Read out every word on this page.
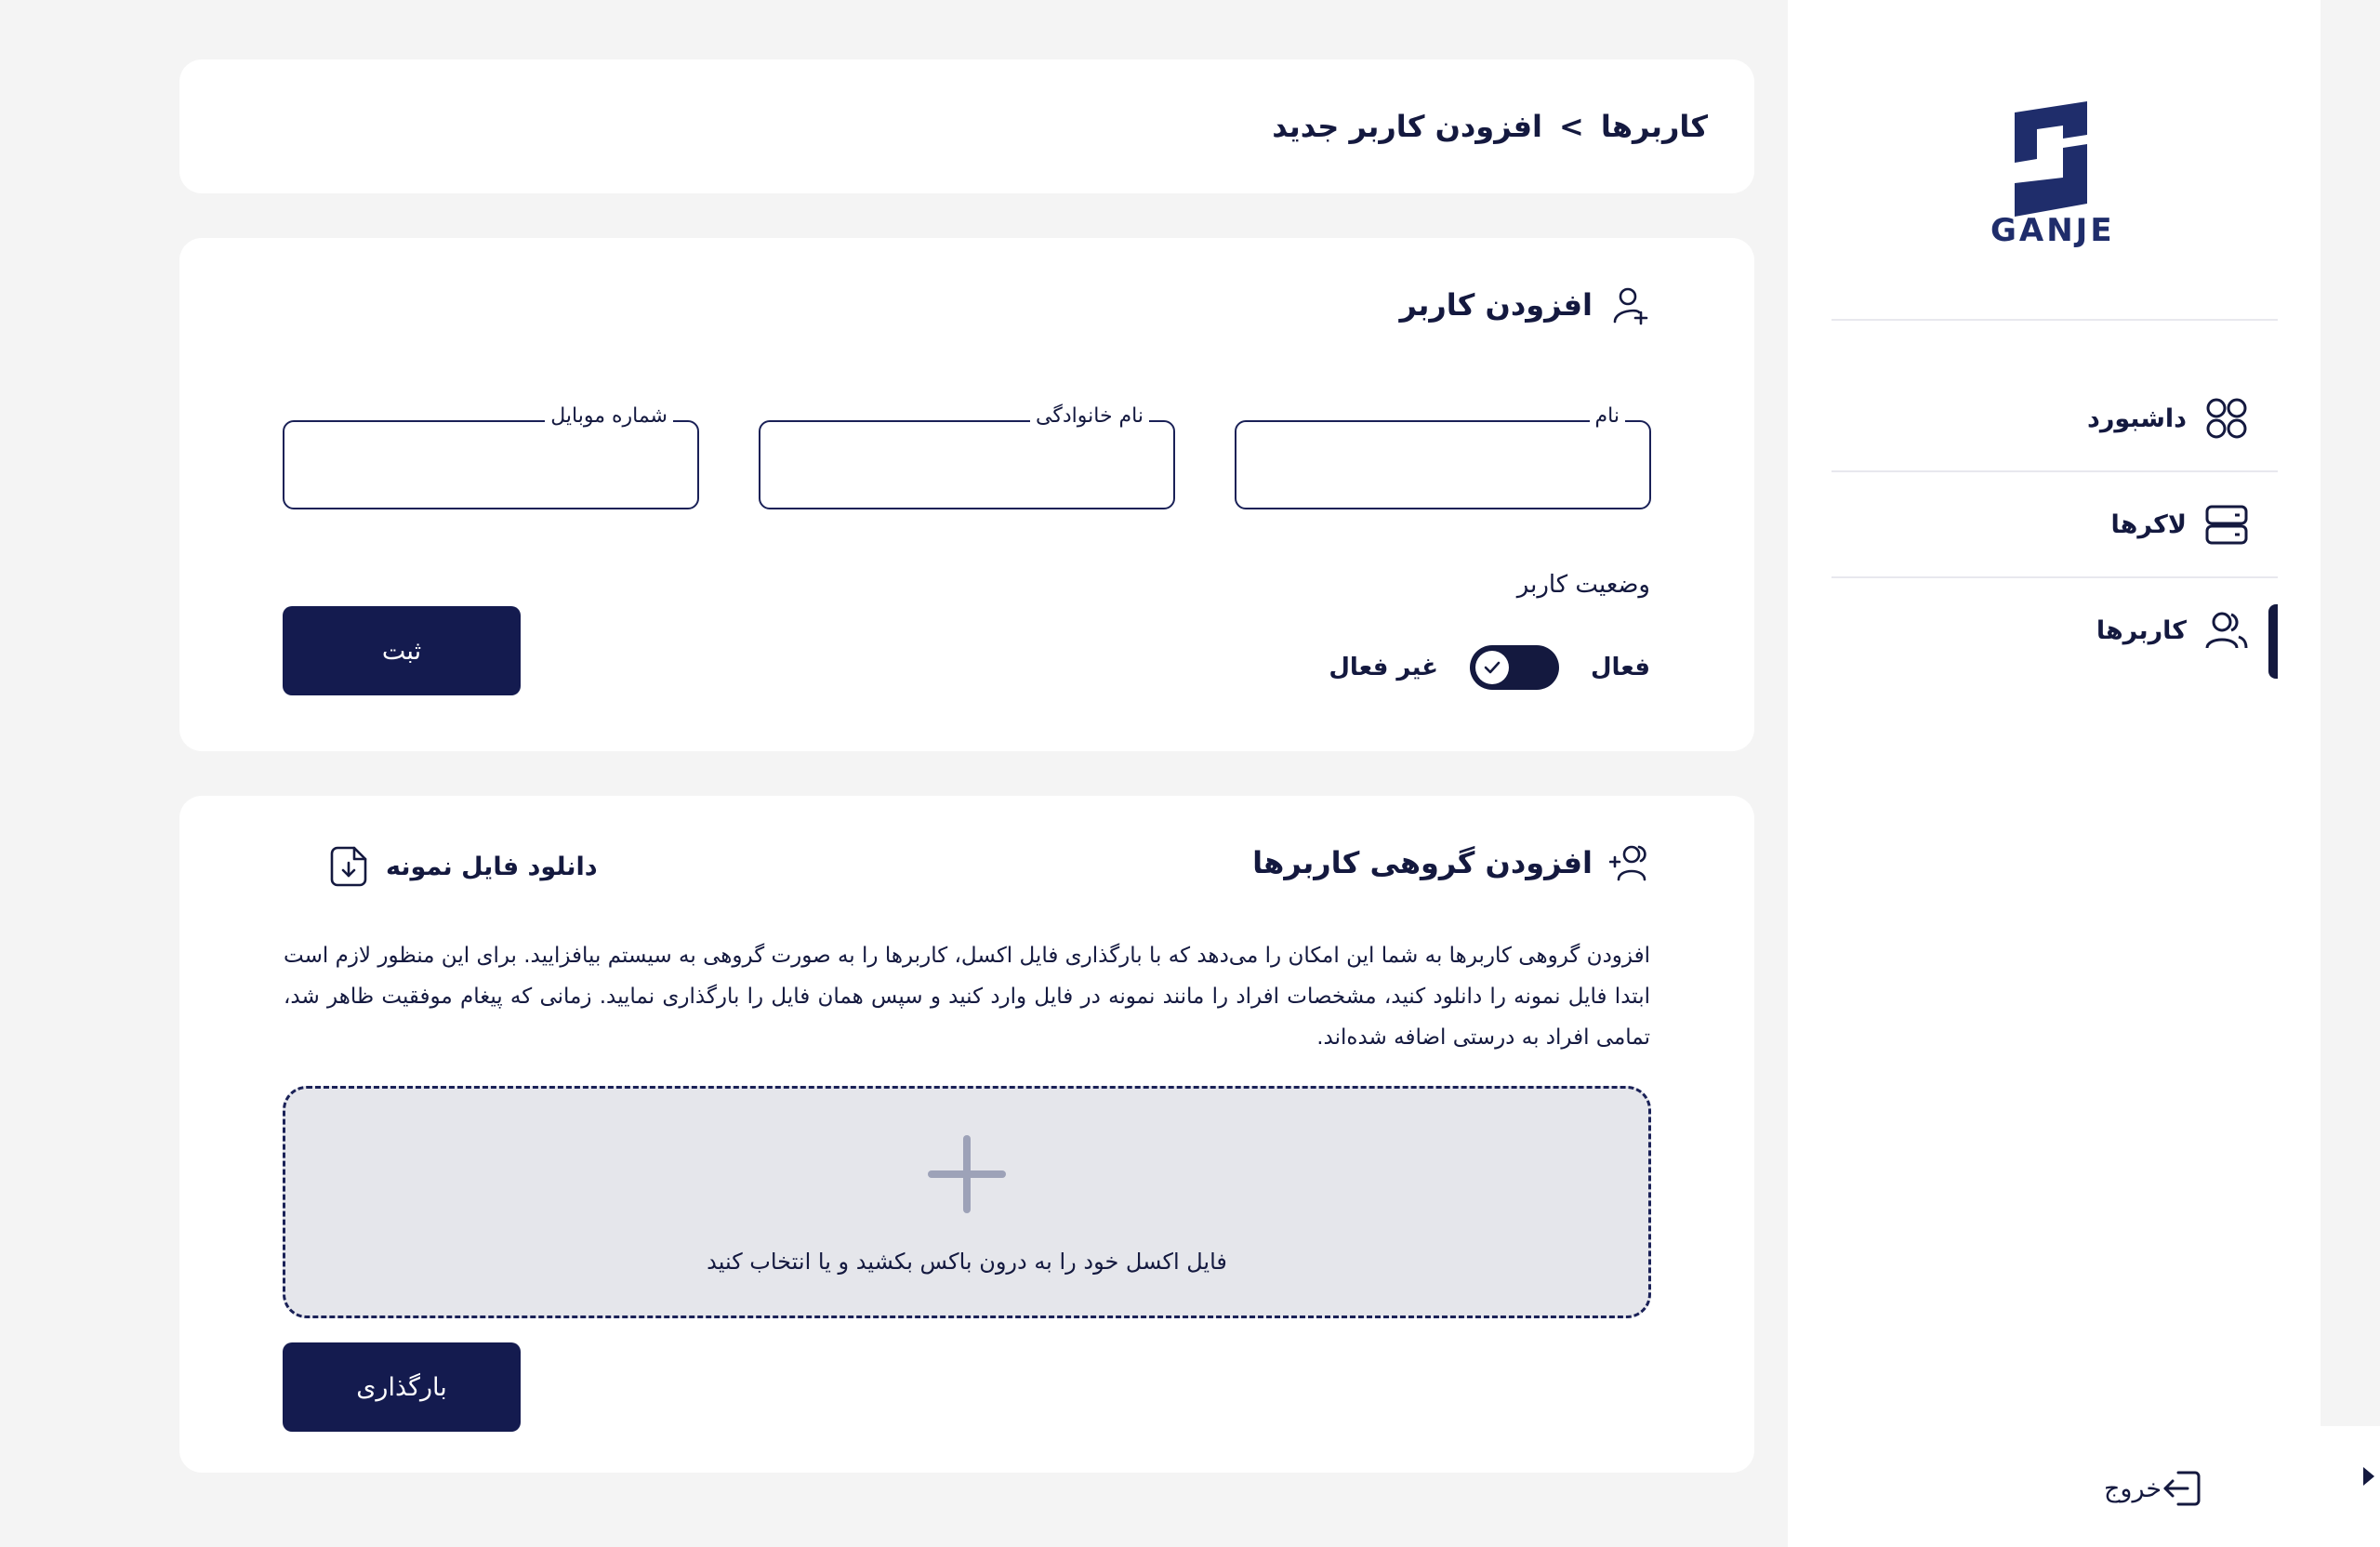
GANJE
داشبورد
لاکرها
کاربرها
خروج
کاربرها
>
افزودن کاربر جدید
افزودن کاربر
نام
نام خانوادگی
شماره موبایل
وضعیت کاربر
فعال
غیر فعال
ثبت
افزودن گروهی کاربرها
دانلود فایل نمونه

افزودن گروهی کاربرها به شما این امکان را می‌دهد که با بارگذاری فایل اکسل، کاربرها را به صورت گروهی به سیستم بیافزایید. برای این منظور لازم است ابتدا فایل نمونه را دانلود کنید، مشخصات افراد را مانند نمونه در فایل وارد کنید و سپس همان فایل را بارگذاری نمایید. زمانی که پیغام موفقیت ظاهر شد، تمامی افراد به درستی اضافه شده‌اند.

فایل اکسل خود را به درون باکس بکشید و یا انتخاب کنید
بارگذاری
